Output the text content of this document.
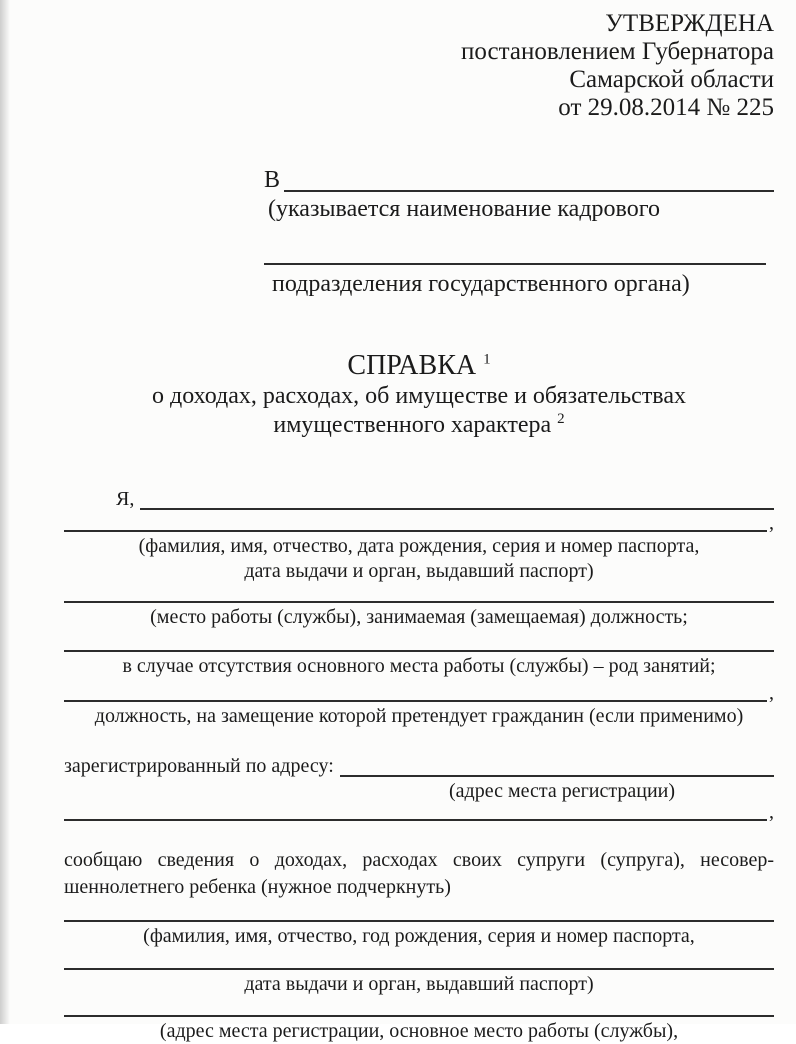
УТВЕРЖДЕНА
постановлением Губернатора
Самарской области
от 29.08.2014 № 225
В
(указывается наименование кадрового
подразделения государственного органа)
СПРАВКА $^1$
о доходах, расходах, об имуществе и обязательствах
имущественного характера $^2$
Я,
,
(фамилия, имя, отчество, дата рождения, серия и номер паспорта,
дата выдачи и орган, выдавший паспорт)
(место работы (службы), занимаемая (замещаемая) должность;
в случае отсутствия основного места работы (службы) – род занятий;
,
должность, на замещение которой претендует гражданин (если применимо)
зарегистрированный по адресу:
(адрес места регистрации)
,
сообщаю сведения о доходах, расходах своих супруги (супруга), несовер-
шеннолетнего ребенка (нужное подчеркнуть)
(фамилия, имя, отчество, год рождения, серия и номер паспорта,
дата выдачи и орган, выдавший паспорт)
(адрес места регистрации, основное место работы (службы),
